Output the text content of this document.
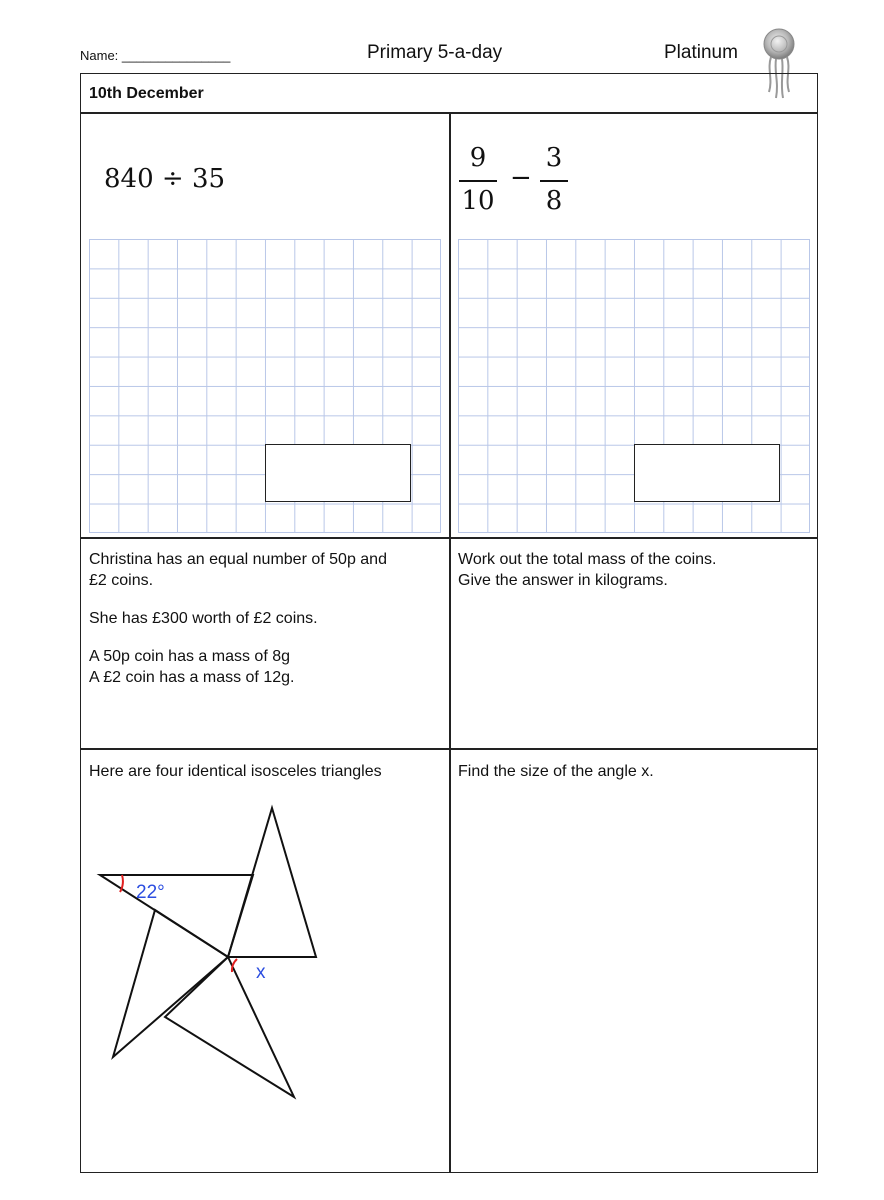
Name: _______________	Primary 5-a-day	Platinum
10th December
840 ÷ 35
9
10
−
3
8

Christina has an equal number of 50p and
£2 coins.

She has £300 worth of £2 coins.

A 50p coin has a mass of 8g
A £2 coin has a mass of 12g.

Work out the total mass of the coins.
Give the answer in kilograms.
Here are four identical isosceles triangles	Find the size of the angle x.
22°
x
